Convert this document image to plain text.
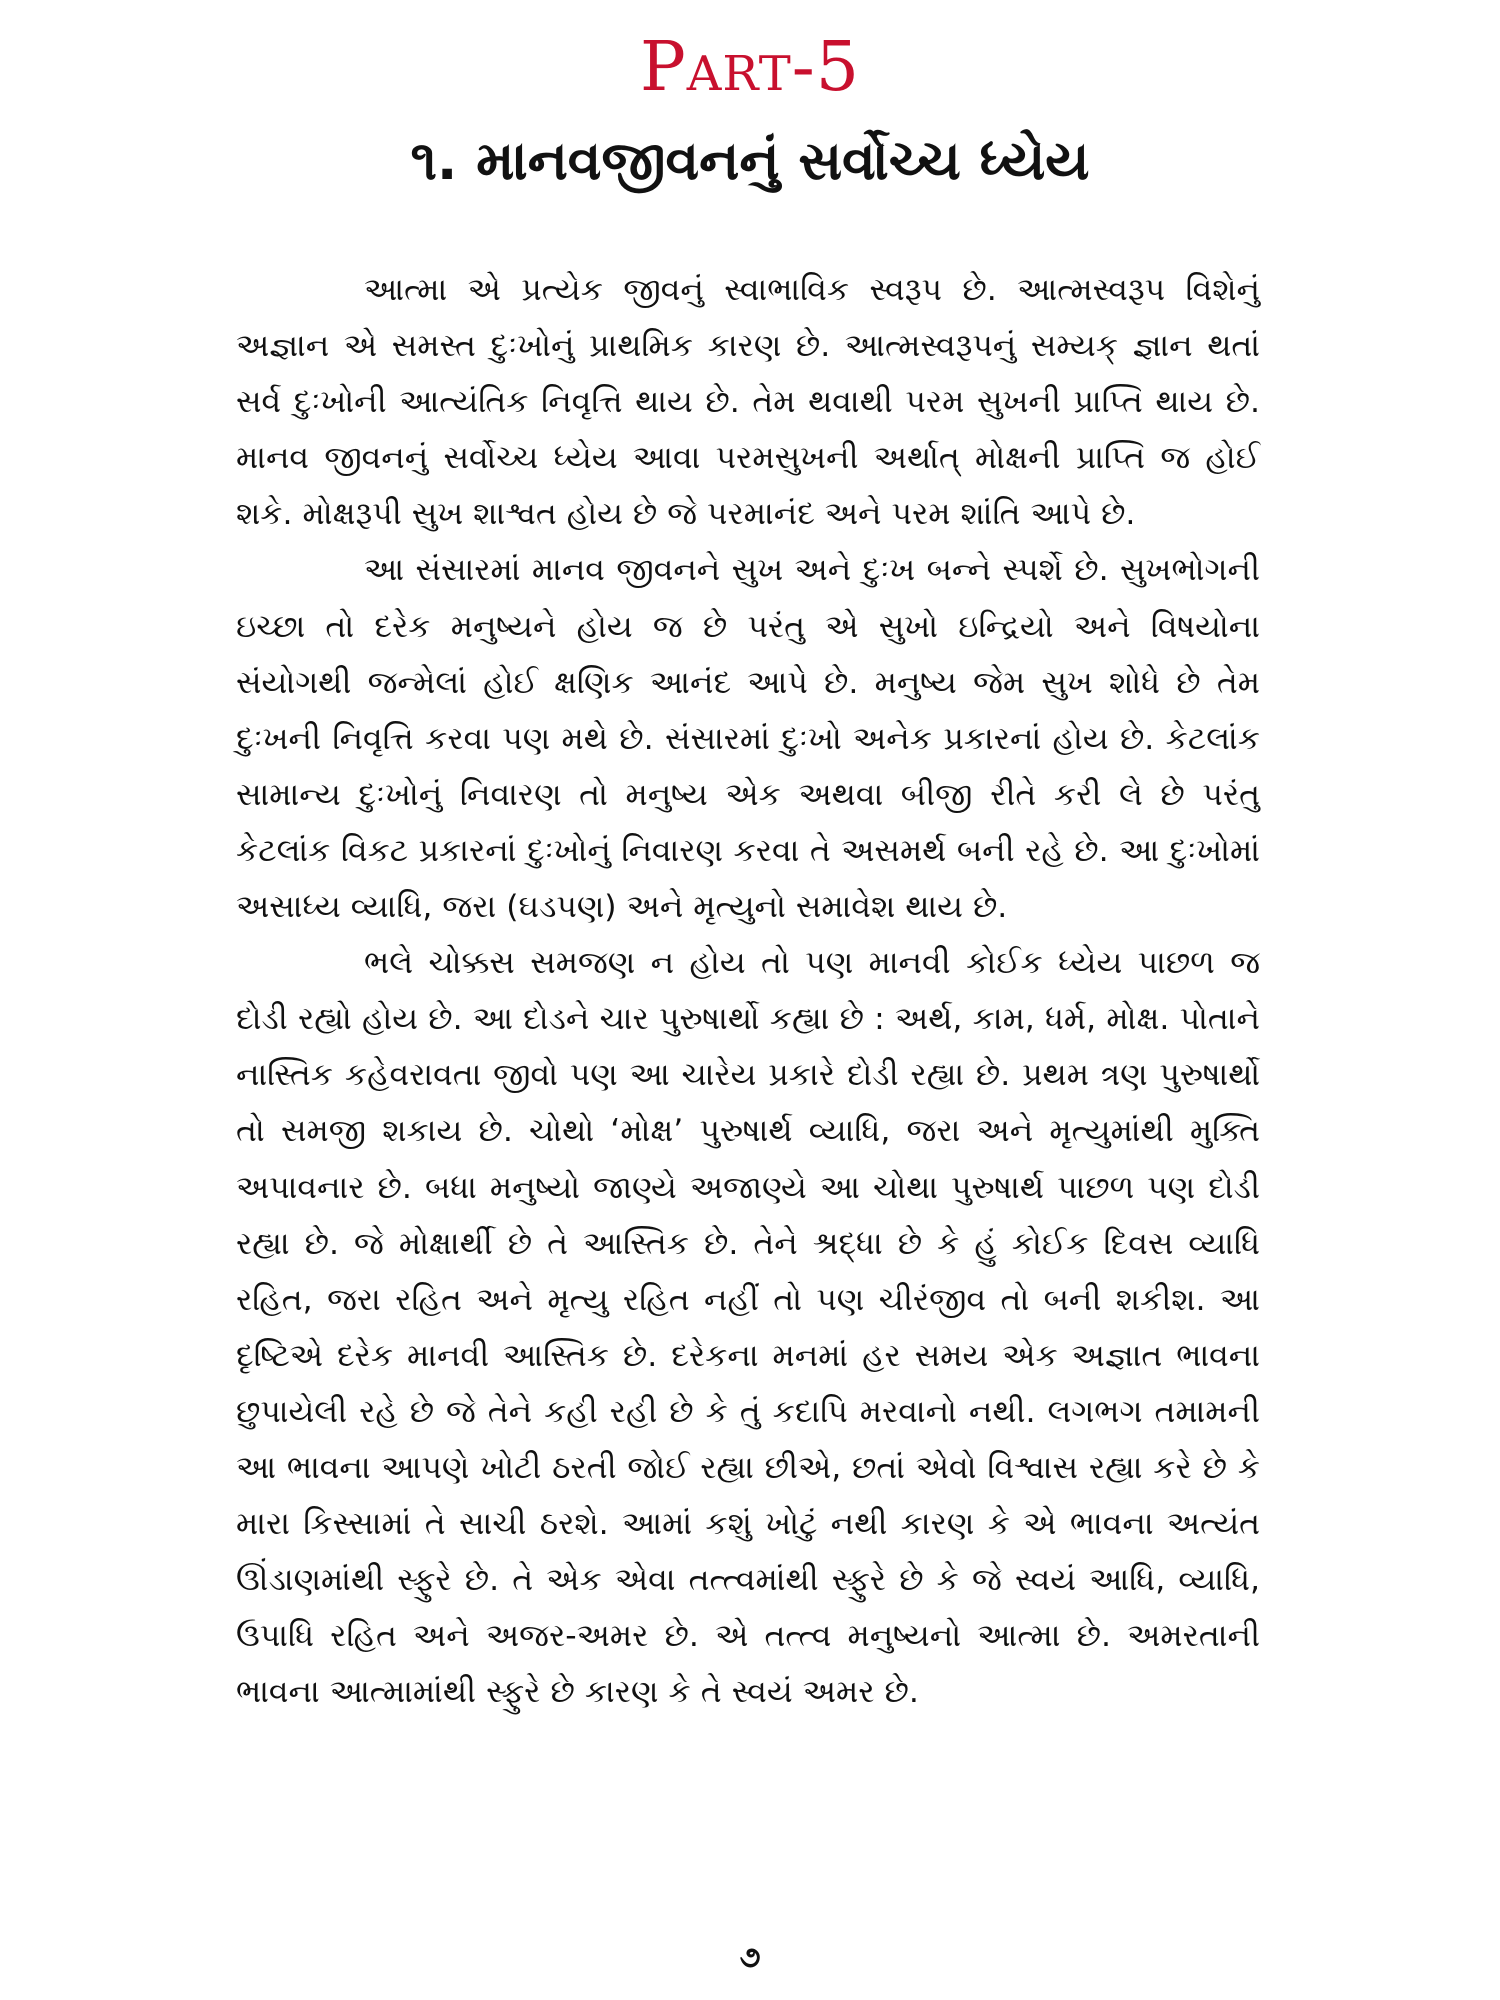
Part-5
૧. માનવજીવનનું સર્વોચ્ચ ધ્યેય

આત્મા એ પ્રત્યેક જીવનું સ્વાભાવિક સ્વરૂપ છે. આત્મસ્વરૂપ વિશેનું અજ્ઞાન એ સમસ્ત દુઃખોનું પ્રાથમિક કારણ છે. આત્મસ્વરૂપનું સમ્યક્ જ્ઞાન થતાં સર્વ દુઃખોની આત્યંતિક નિવૃત્તિ થાય છે. તેમ થવાથી પરમ સુખની પ્રાપ્તિ થાય છે. માનવ જીવનનું સર્વોચ્ચ ધ્યેય આવા પરમસુખની અર્થાત્ મોક્ષની પ્રાપ્તિ જ હોઈ શકે. મોક્ષરૂપી સુખ શાશ્વત હોય છે જે પરમાનંદ અને પરમ શાંતિ આપે છે.

આ સંસારમાં માનવ જીવનને સુખ અને દુઃખ બન્ને સ્પર્શે છે. સુખભોગની ઇચ્છા તો દરેક મનુષ્યને હોય જ છે પરંતુ એ સુખો ઇન્દ્રિયો અને વિષયોના સંયોગથી જન્મેલાં હોઈ ક્ષણિક આનંદ આપે છે. મનુષ્ય જેમ સુખ શોધે છે તેમ દુઃખની નિવૃત્તિ કરવા પણ મથે છે. સંસારમાં દુઃખો અનેક પ્રકારનાં હોય છે. કેટલાંક સામાન્ય દુઃખોનું નિવારણ તો મનુષ્ય એક અથવા બીજી રીતે કરી લે છે પરંતુ કેટલાંક વિકટ પ્રકારનાં દુઃખોનું નિવારણ કરવા તે અસમર્થ બની રહે છે. આ દુઃખોમાં અસાધ્ય વ્યાધિ, જરા (ઘડપણ) અને મૃત્યુનો સમાવેશ થાય છે.

ભલે ચોક્કસ સમજણ ન હોય તો પણ માનવી કોઈક ધ્યેય પાછળ જ દોડી રહ્યો હોય છે. આ દોડને ચાર પુરુષાર્થો કહ્યા છે : અર્થ, કામ, ધર્મ, મોક્ષ. પોતાને નાસ્તિક કહેવરાવતા જીવો પણ આ ચારેય પ્રકારે દોડી રહ્યા છે. પ્રથમ ત્રણ પુરુષાર્થો તો સમજી શકાય છે. ચોથો ‘મોક્ષ’ પુરુષાર્થ વ્યાધિ, જરા અને મૃત્યુમાંથી મુક્તિ અપાવનાર છે. બધા મનુષ્યો જાણ્યે અજાણ્યે આ ચોથા પુરુષાર્થ પાછળ પણ દોડી રહ્યા છે. જે મોક્ષાર્થી છે તે આસ્તિક છે. તેને શ્રદ્ધા છે કે હું કોઈક દિવસ વ્યાધિ રહિત, જરા રહિત અને મૃત્યુ રહિત નહીં તો પણ ચીરંજીવ તો બની શકીશ. આ દૃષ્ટિએ દરેક માનવી આસ્તિક છે. દરેકના મનમાં હર સમય એક અજ્ઞાત ભાવના છુપાયેલી રહે છે જે તેને કહી રહી છે કે તું કદાપિ મરવાનો નથી. લગભગ તમામની આ ભાવના આપણે ખોટી ઠરતી જોઈ રહ્યા છીએ, છતાં એવો વિશ્વાસ રહ્યા કરે છે કે મારા કિસ્સામાં તે સાચી ઠરશે. આમાં કશું ખોટું નથી કારણ કે એ ભાવના અત્યંત ઊંડાણમાંથી સ્ફુરે છે. તે એક એવા તત્ત્વમાંથી સ્ફુરે છે કે જે સ્વયં આધિ, વ્યાધિ, ઉપાધિ રહિત અને અજર-અમર છે. એ તત્ત્વ મનુષ્યનો આત્મા છે. અમરતાની ભાવના આત્મામાંથી સ્ફુરે છે કારણ કે તે સ્વયં અમર છે.

૭
